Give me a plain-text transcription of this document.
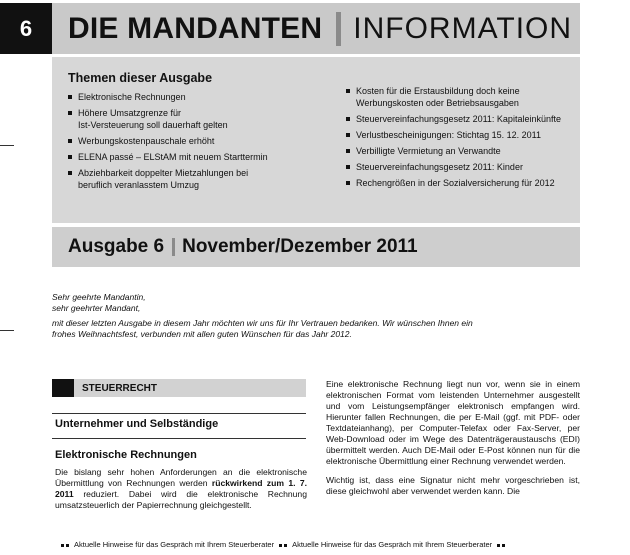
6 DIE MANDANTEN INFORMATION
Themen dieser Ausgabe
Elektronische Rechnungen
Höhere Umsatzgrenze für
Ist-Versteuerung soll dauerhaft gelten
Werbungskostenpauschale erhöht
ELENA passé – ELStAM mit neuem Starttermin
Abziehbarkeit doppelter Mietzahlungen bei
beruflich veranlasstem Umzug
Kosten für die Erstausbildung doch keine
Werbungskosten oder Betriebsausgaben
Steuervereinfachungsgesetz 2011: Kapitaleinkünfte
Verlustbescheinigungen: Stichtag 15. 12. 2011
Verbilligte Vermietung an Verwandte
Steuervereinfachungsgesetz 2011: Kinder
Rechengrößen in der Sozialversicherung für 2012
Ausgabe 6 November/Dezember 2011
Sehr geehrte Mandantin,
sehr geehrter Mandant,
mit dieser letzten Ausgabe in diesem Jahr möchten wir uns für Ihr Vertrauen bedanken. Wir wünschen Ihnen ein
frohes Weihnachtsfest, verbunden mit allen guten Wünschen für das Jahr 2012.
STEUERRECHT
Unternehmer und Selbständige
Elektronische Rechnungen
Die bislang sehr hohen Anforderungen an die elektronische Übermittlung von Rechnungen werden rückwirkend zum 1. 7. 2011 reduziert. Dabei wird die elektronische Rechnung umsatzsteuerlich der Papierrechnung gleichgestellt.

Eine elektronische Rechnung liegt nun vor, wenn sie in einem elektronischen Format vom leistenden Unternehmer ausgestellt und vom Leistungsempfänger elektronisch empfangen wird. Hierunter fallen Rechnungen, die per E-Mail (ggf. mit PDF- oder Textdateianhang), per Computer-Telefax oder Fax-Server, per Web-Download oder im Wege des Datenträgeraustauschs (EDI) übermittelt werden. Auch DE-Mail oder E-Post können nun für die elektronische Übermittlung einer Rechnung verwendet werden.

Wichtig ist, dass eine Signatur nicht mehr vorgeschrieben ist, diese gleichwohl aber verwendet werden kann. Die

Aktuelle Hinweise für das Gespräch mit Ihrem Steuerberater Aktuelle Hinweise für das Gespräch mit Ihrem Steuerberater
